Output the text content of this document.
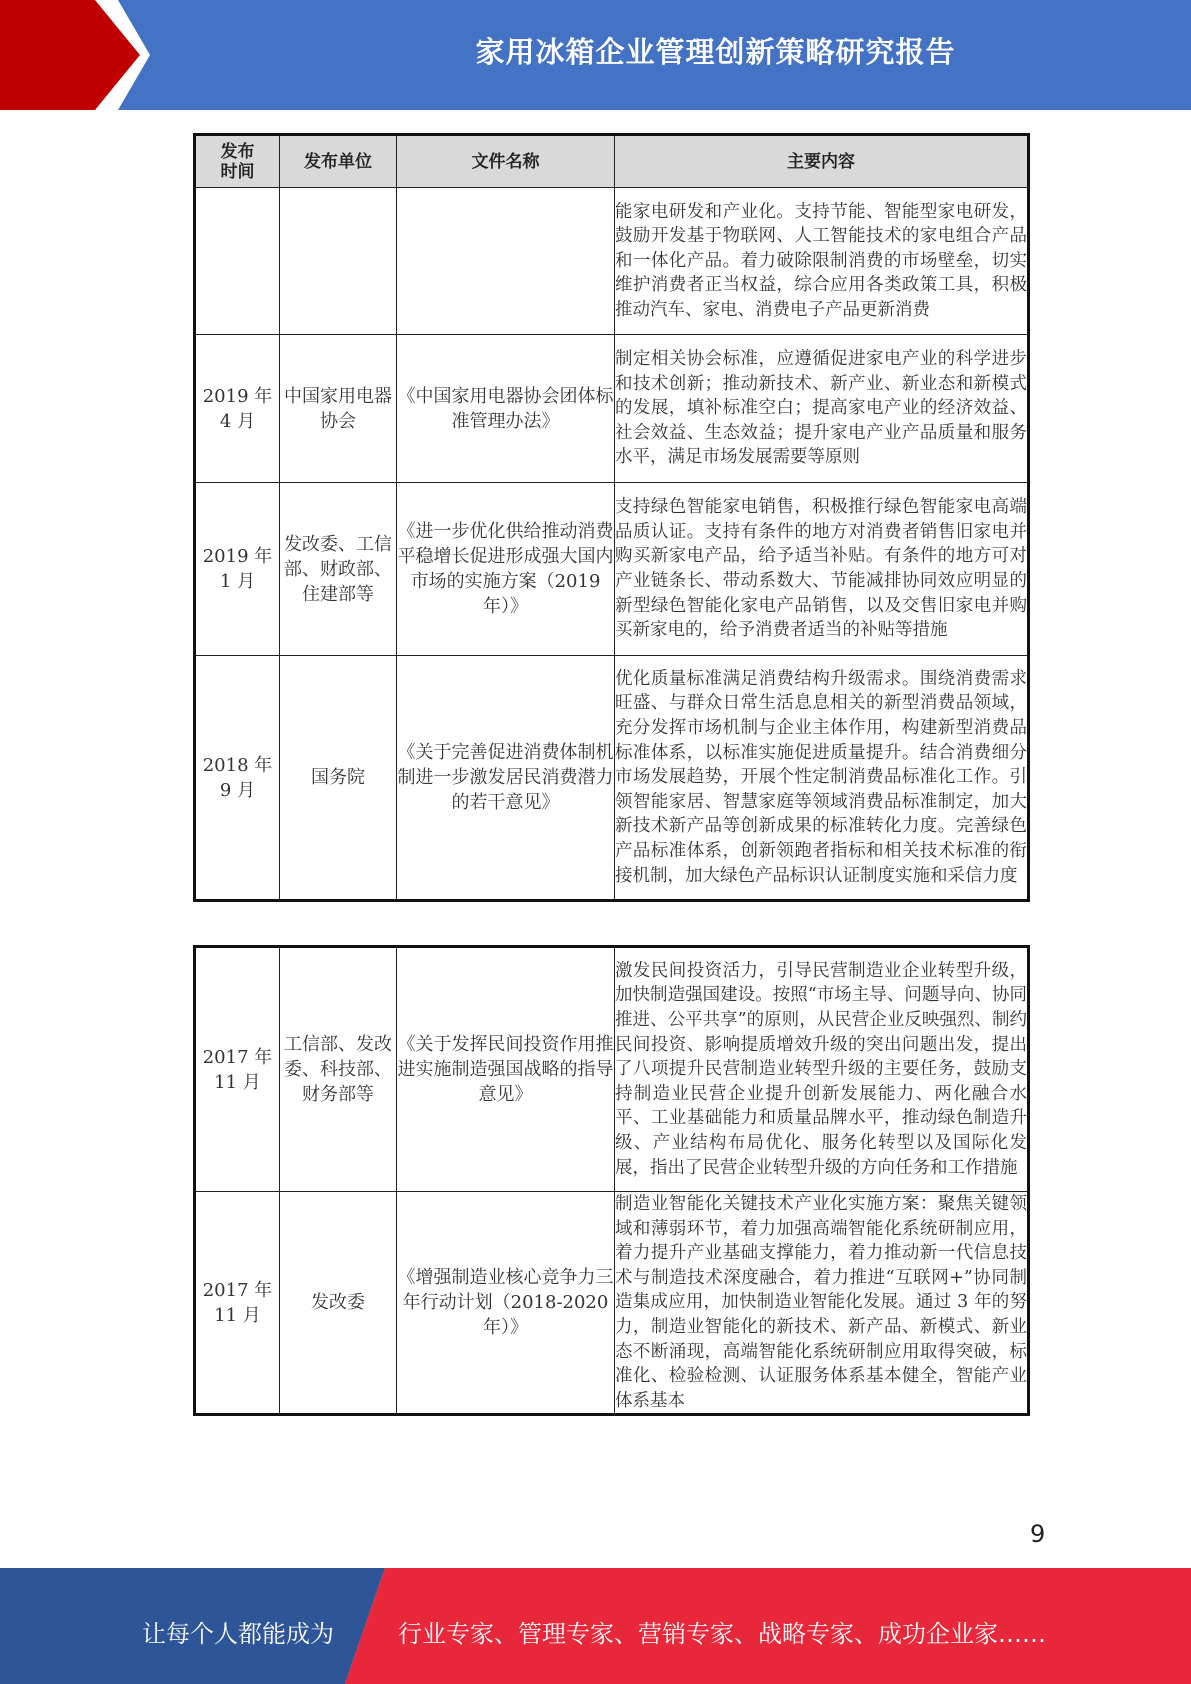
家用冰箱企业管理创新策略研究报告
发布
时间	发布单位	文件名称	主要内容
			能家电研发和产业化。支持节能、智能型家电研发，鼓励开发基于物联网、人工智能技术的家电组合产品和一体化产品。着力破除限制消费的市场壁垒，切实维护消费者正当权益，综合应用各类政策工具，积极推动汽车、家电、消费电子产品更新消费
2019 年
4 月	中国家用电器协会	《中国家用电器协会团体标准管理办法》	制定相关协会标准，应遵循促进家电产业的科学进步和技术创新；推动新技术、新产业、新业态和新模式的发展，填补标准空白；提高家电产业的经济效益、社会效益、生态效益；提升家电产业产品质量和服务水平，满足市场发展需要等原则
2019 年
1 月	发改委、工信部、财政部、住建部等	《进一步优化供给推动消费平稳增长促进形成强大国内市场的实施方案（2019 年）》	支持绿色智能家电销售，积极推行绿色智能家电高端品质认证。支持有条件的地方对消费者销售旧家电并购买新家电产品，给予适当补贴。有条件的地方可对产业链条长、带动系数大、节能减排协同效应明显的新型绿色智能化家电产品销售，以及交售旧家电并购买新家电的，给予消费者适当的补贴等措施
2018 年
9 月	国务院	《关于完善促进消费体制机制进一步激发居民消费潜力的若干意见》	优化质量标准满足消费结构升级需求。围绕消费需求旺盛、与群众日常生活息息相关的新型消费品领域，充分发挥市场机制与企业主体作用，构建新型消费品标准体系，以标准实施促进质量提升。结合消费细分市场发展趋势，开展个性定制消费品标准化工作。引领智能家居、智慧家庭等领域消费品标准制定，加大新技术新产品等创新成果的标准转化力度。完善绿色产品标准体系，创新领跑者指标和相关技术标准的衔接机制，加大绿色产品标识认证制度实施和采信力度
2017 年
11 月	工信部、发改委、科技部、财务部等	《关于发挥民间投资作用推进实施制造强国战略的指导意见》	激发民间投资活力，引导民营制造业企业转型升级，加快制造强国建设。按照“市场主导、问题导向、协同推进、公平共享”的原则，从民营企业反映强烈、制约民间投资、影响提质增效升级的突出问题出发，提出了八项提升民营制造业转型升级的主要任务，鼓励支持制造业民营企业提升创新发展能力、两化融合水平、工业基础能力和质量品牌水平，推动绿色制造升级、产业结构布局优化、服务化转型以及国际化发展，指出了民营企业转型升级的方向任务和工作措施
2017 年
11 月	发改委	《增强制造业核心竞争力三年行动计划（2018-2020 年）》	制造业智能化关键技术产业化实施方案：聚焦关键领域和薄弱环节，着力加强高端智能化系统研制应用，着力提升产业基础支撑能力，着力推动新一代信息技术与制造技术深度融合，着力推进“互联网+”协同制造集成应用，加快制造业智能化发展。通过 3 年的努力，制造业智能化的新技术、新产品、新模式、新业态不断涌现，高端智能化系统研制应用取得突破，标准化、检验检测、认证服务体系基本健全，智能产业体系基本
9
让每个人都能成为	行业专家、管理专家、营销专家、战略专家、成功企业家……
